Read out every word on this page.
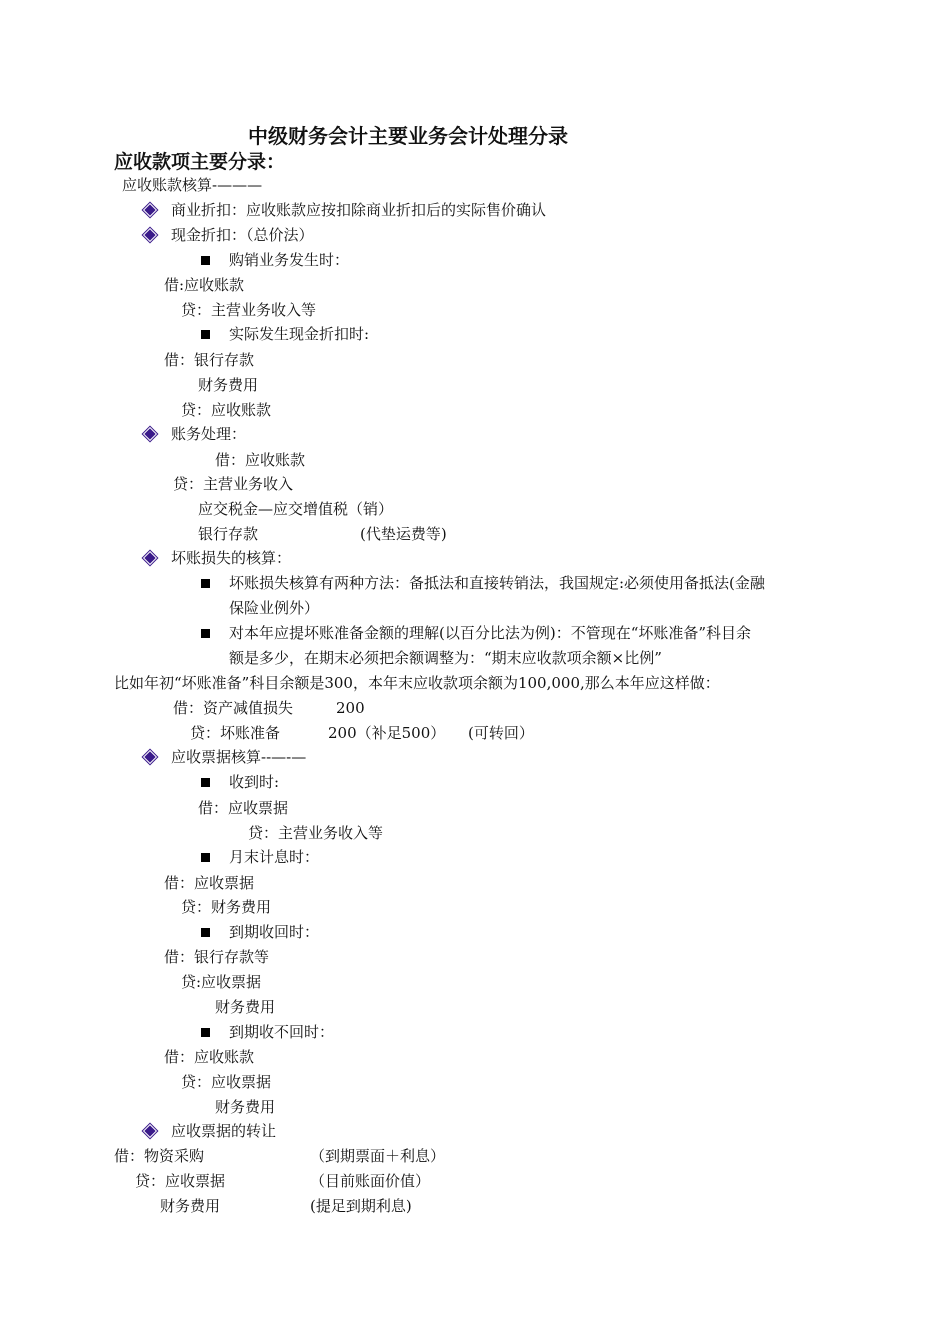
中级财务会计主要业务会计处理分录
应收款项主要分录：
应收账款核算-———
商业折扣：应收账款应按扣除商业折扣后的实际售价确认
现金折扣：（总价法）
购销业务发生时：
借:应收账款
贷：主营业务收入等
实际发生现金折扣时:
借：银行存款
财务费用
贷：应收账款
账务处理：
借：应收账款
贷：主营业务收入
应交税金—应交增值税（销）
银行存款	(代垫运费等)
坏账损失的核算：
坏账损失核算有两种方法：备抵法和直接转销法，我国规定:必须使用备抵法(金融
保险业例外）
对本年应提坏账准备金额的理解(以百分比法为例)：不管现在“坏账准备”科目余
额是多少，在期末必须把余额调整为：“期末应收款项余额×比例”
比如年初“坏账准备”科目余额是300，本年末应收款项余额为100,000,那么本年应这样做：
借：资产减值损失	200
贷：坏账准备	200（补足500） (可转回）
应收票据核算--—-—
收到时:
借：应收票据
贷：主营业务收入等
月末计息时：
借：应收票据
贷：财务费用
到期收回时：
借：银行存款等
贷:应收票据
财务费用
到期收不回时：
借：应收账款
贷：应收票据
财务费用
应收票据的转让
借：物资采购	（到期票面＋利息）
贷：应收票据	（目前账面价值）
财务费用	(提足到期利息)
